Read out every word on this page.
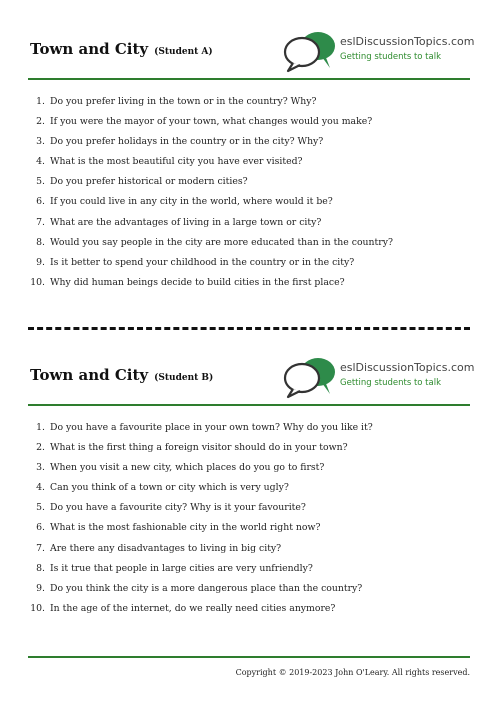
Town and City (Student A)
eslDiscussionTopics.com
Getting students to talk
1. Do you prefer living in the town or in the country? Why?
2. If you were the mayor of your town, what changes would you make?
3. Do you prefer holidays in the country or in the city? Why?
4. What is the most beautiful city you have ever visited?
5. Do you prefer historical or modern cities?
6. If you could live in any city in the world, where would it be?
7. What are the advantages of living in a large town or city?
8. Would you say people in the city are more educated than in the country?
9. Is it better to spend your childhood in the country or in the city?
10. Why did human beings decide to build cities in the first place?
Town and City (Student B)
eslDiscussionTopics.com
Getting students to talk
1. Do you have a favourite place in your own town? Why do you like it?
2. What is the first thing a foreign visitor should do in your town?
3. When you visit a new city, which places do you go to first?
4. Can you think of a town or city which is very ugly?
5. Do you have a favourite city? Why is it your favourite?
6. What is the most fashionable city in the world right now?
7. Are there any disadvantages to living in big city?
8. Is it true that people in large cities are very unfriendly?
9. Do you think the city is a more dangerous place than the country?
10. In the age of the internet, do we really need cities anymore?
Copyright © 2019-2023 John O'Leary. All rights reserved.
